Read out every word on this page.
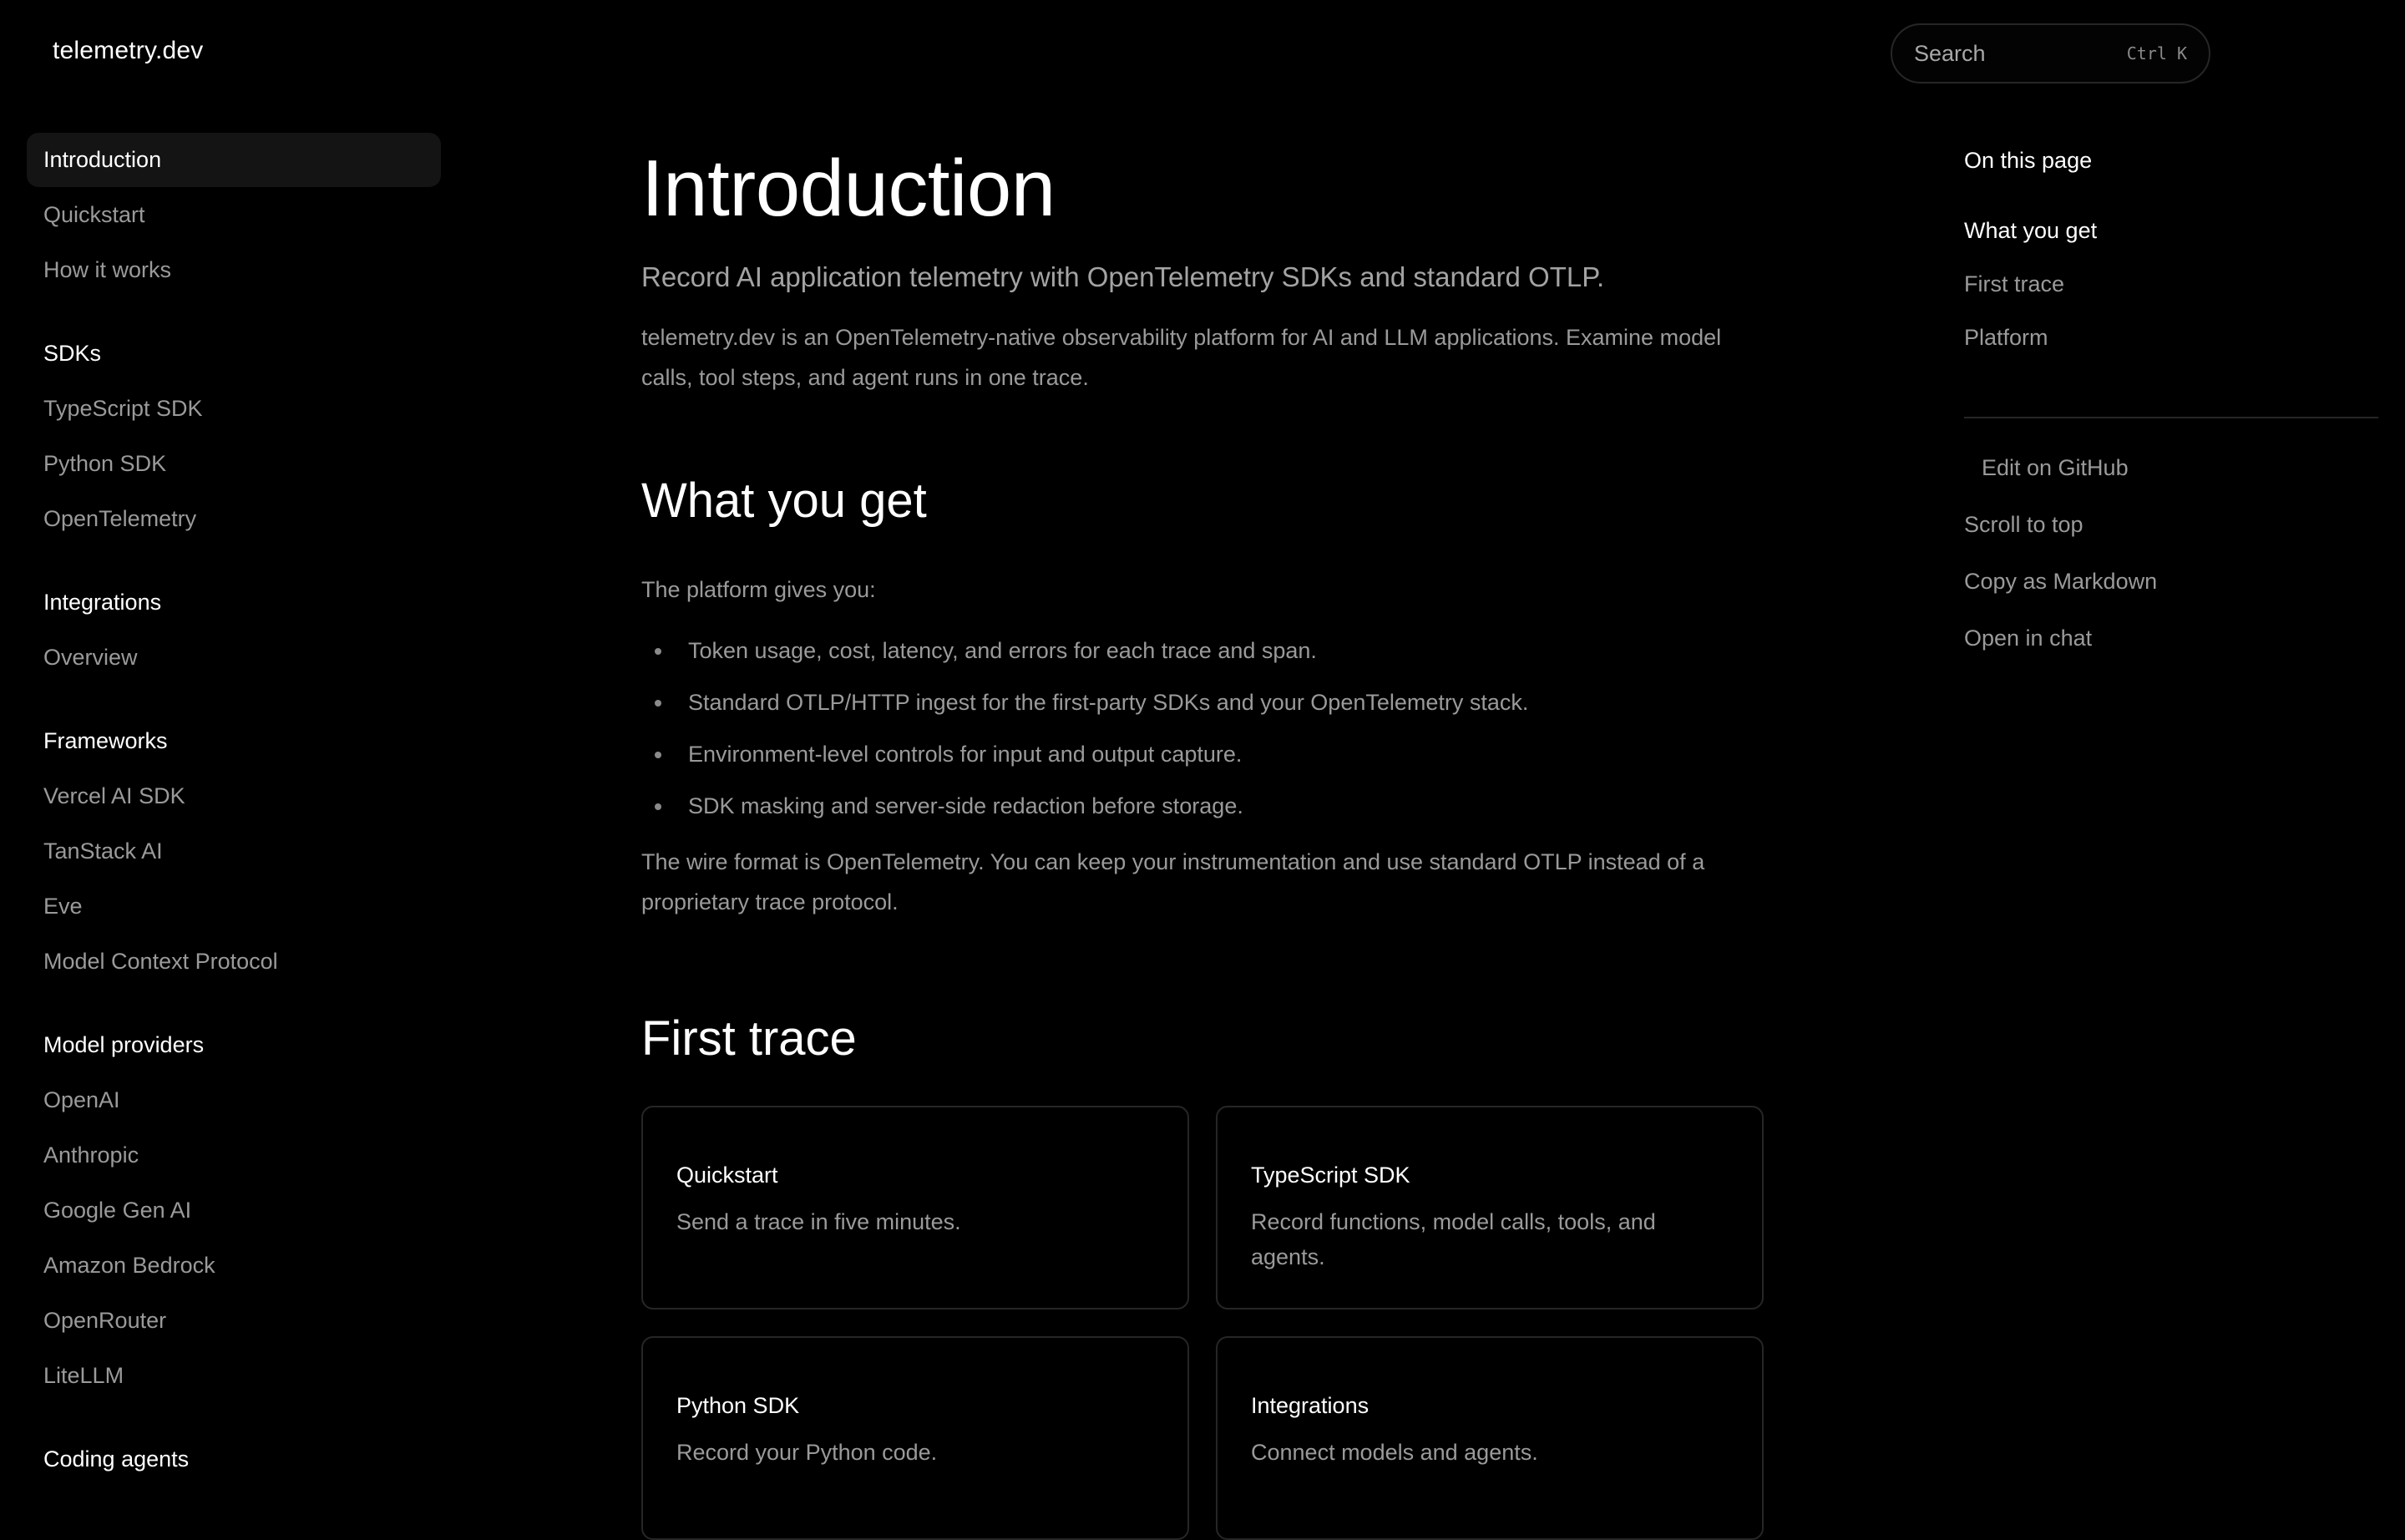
telemetry.dev	Search	Ctrl K
Introduction
Quickstart
How it works
SDKs
TypeScript SDK
Python SDK
OpenTelemetry
Integrations
Overview
Frameworks
Vercel AI SDK
TanStack AI
Eve
Model Context Protocol
Model providers
OpenAI
Anthropic
Google Gen AI
Amazon Bedrock
OpenRouter
LiteLLM
Coding agents
Introduction

Record AI application telemetry with OpenTelemetry SDKs and standard OTLP.

telemetry.dev is an OpenTelemetry-native observability platform for AI and LLM applications. Examine model calls, tool steps, and agent runs in one trace.

What you get

The platform gives you:

Token usage, cost, latency, and errors for each trace and span.
Standard OTLP/HTTP ingest for the first-party SDKs and your OpenTelemetry stack.
Environment-level controls for input and output capture.
SDK masking and server-side redaction before storage.

The wire format is OpenTelemetry. You can keep your instrumentation and use standard OTLP instead of a proprietary trace protocol.

First trace
Quickstart
Send a trace in five minutes.
TypeScript SDK
Record functions, model calls, tools, and agents.
Python SDK
Record your Python code.
Integrations
Connect models and agents.
On this page
What you get
First trace
Platform
Edit on GitHub
Scroll to top
Copy as Markdown
Open in chat
